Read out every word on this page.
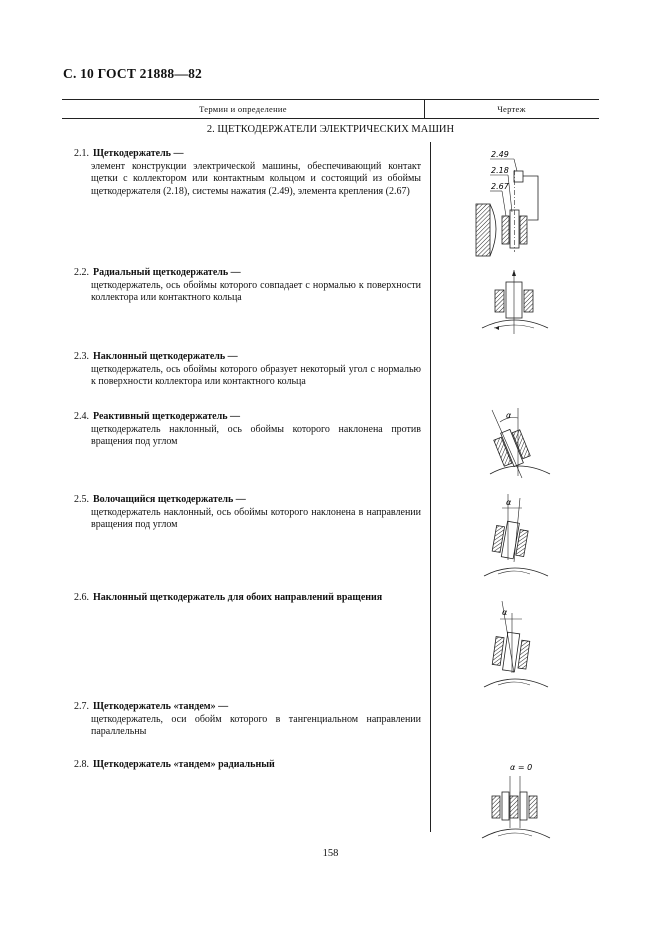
С. 10 ГОСТ 21888—82
Термин и определение	Чертеж
2. ЩЕТКОДЕРЖАТЕЛИ ЭЛЕКТРИЧЕСКИХ МАШИН
2.1. Щеткодержатель —
элемент конструкции электрической машины, обеспечивающий контакт щетки с коллектором или контактным кольцом и состоящий из обоймы щеткодержателя (2.18), системы нажатия (2.49), элемента крепления (2.67)
2.49
2.18
2.67
2.2. Радиальный щеткодержатель —
щеткодержатель, ось обоймы которого совпадает с нормалью к поверхности коллектора или контактного кольца
2.3. Наклонный щеткодержатель —
щеткодержатель, ось обоймы которого образует некоторый угол с нормалью к поверхности коллектора или контактного кольца
2.4. Реактивный щеткодержатель —
щеткодержатель наклонный, ось обоймы которого наклонена против вращения под углом
α
2.5. Волочащийся щеткодержатель —
щеткодержатель наклонный, ось обоймы которого наклонена в направлении вращения под углом
α
2.6. Наклонный щеткодержатель для обоих направлений вращения
α
2.7. Щеткодержатель «тандем» —
щеткодержатель, оси обойм которого в тангенциальном направлении параллельны
2.8. Щеткодержатель «тандем» радиальный	α = 0
158
